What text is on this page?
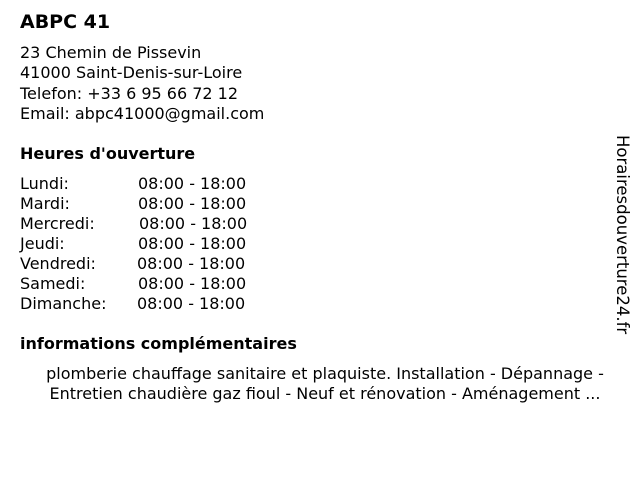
ABPC 41
23 Chemin de Pissevin
41000 Saint-Denis-sur-Loire
Telefon: +33 6 95 66 72 12
Email: abpc41000@gmail.com
Heures d'ouverture
Lundi:	08:00 - 18:00
Mardi:	08:00 - 18:00
Mercredi:	08:00 - 18:00
Jeudi:	08:00 - 18:00
Vendredi:	08:00 - 18:00
Samedi:	08:00 - 18:00
Dimanche: 08:00 - 18:00
informations complémentaires
plomberie chauffage sanitaire et plaquiste. Installation - Dépannage -
Entretien chaudière gaz fioul - Neuf et rénovation - Aménagement ...
Horairesdouverture24.fr
